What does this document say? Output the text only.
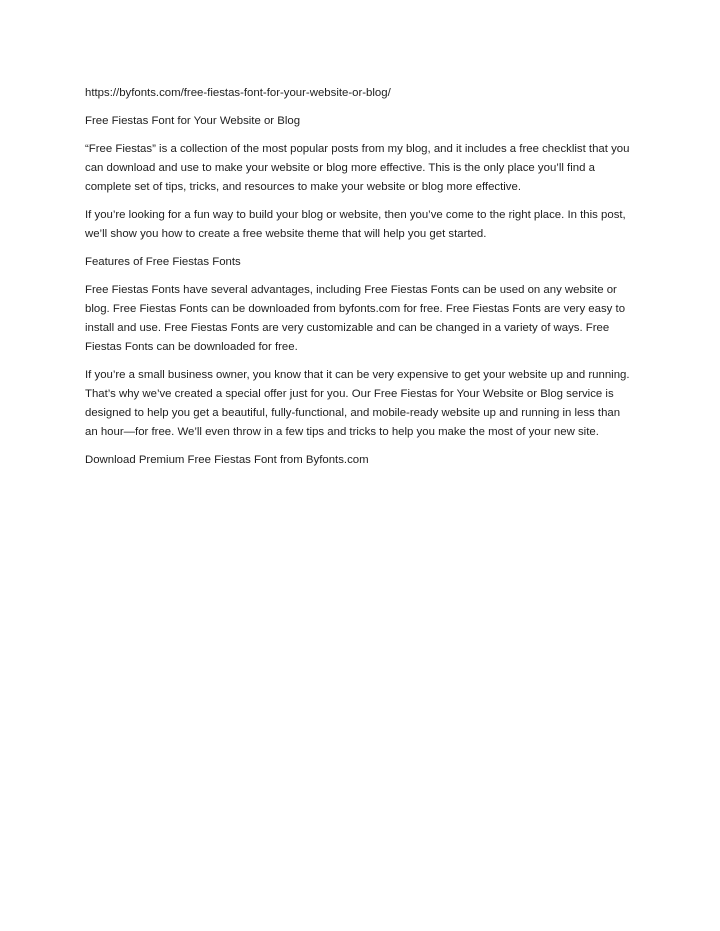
https://byfonts.com/free-fiestas-font-for-your-website-or-blog/

Free Fiestas Font for Your Website or Blog

“Free Fiestas” is a collection of the most popular posts from my blog, and it includes a free checklist that you can download and use to make your website or blog more effective. This is the only place you’ll find a complete set of tips, tricks, and resources to make your website or blog more effective.

If you’re looking for a fun way to build your blog or website, then you’ve come to the right place. In this post, we’ll show you how to create a free website theme that will help you get started.

Features of Free Fiestas Fonts

Free Fiestas Fonts have several advantages, including Free Fiestas Fonts can be used on any website or blog. Free Fiestas Fonts can be downloaded from byfonts.com for free. Free Fiestas Fonts are very easy to install and use. Free Fiestas Fonts are very customizable and can be changed in a variety of ways. Free Fiestas Fonts can be downloaded for free.

If you’re a small business owner, you know that it can be very expensive to get your website up and running. That’s why we’ve created a special offer just for you. Our Free Fiestas for Your Website or Blog service is designed to help you get a beautiful, fully-functional, and mobile-ready website up and running in less than an hour—for free. We’ll even throw in a few tips and tricks to help you make the most of your new site.

Download Premium Free Fiestas Font from Byfonts.com
